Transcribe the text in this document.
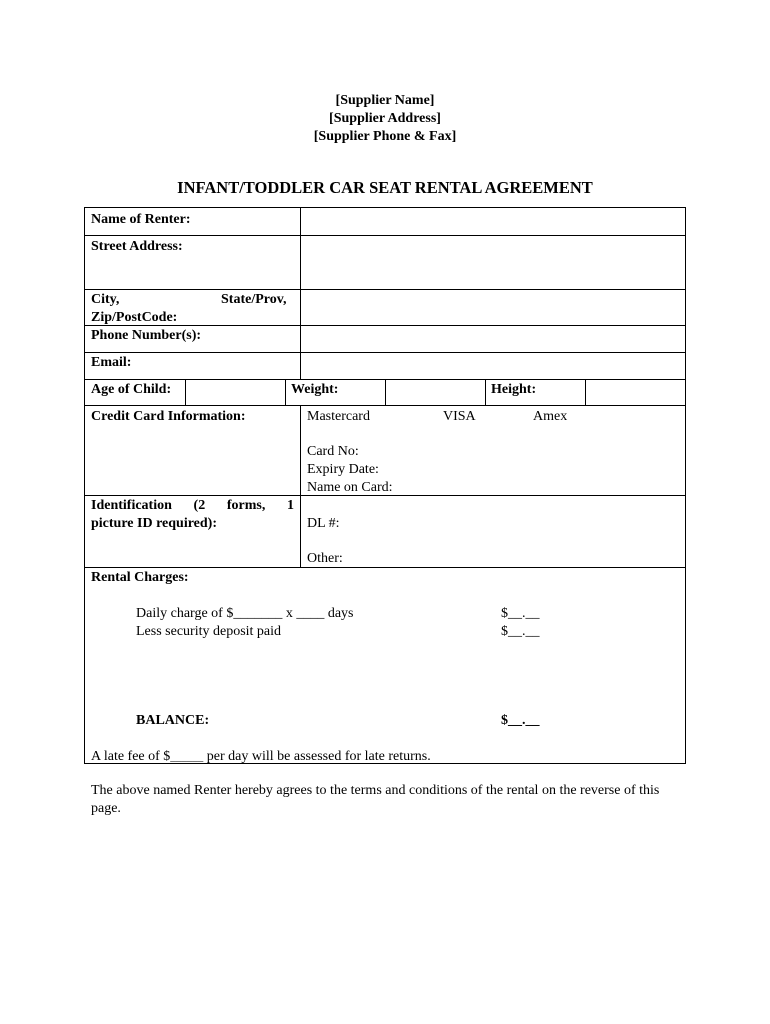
[Supplier Name]
[Supplier Address]
[Supplier Phone & Fax]
INFANT/TODDLER CAR SEAT RENTAL AGREEMENT
Name of Renter:
Street Address:
City,	State/Prov,
Zip/PostCode:
Phone Number(s):
Email:
Age of Child:	Weight:	Height:
Credit Card Information:	Mastercard	VISA	Amex
Card No:
Expiry Date:
Name on Card:
Identification (2 forms, 1
picture ID required):	DL #:
Other:
Rental Charges:
Daily charge of $_______ x ____ days	$__.__
Less security deposit paid	$__.__
BALANCE:	$__.__
A late fee of $______ per day will be assessed for late returns.
The above named Renter hereby agrees to the terms and conditions of the rental on the reverse of this page.
